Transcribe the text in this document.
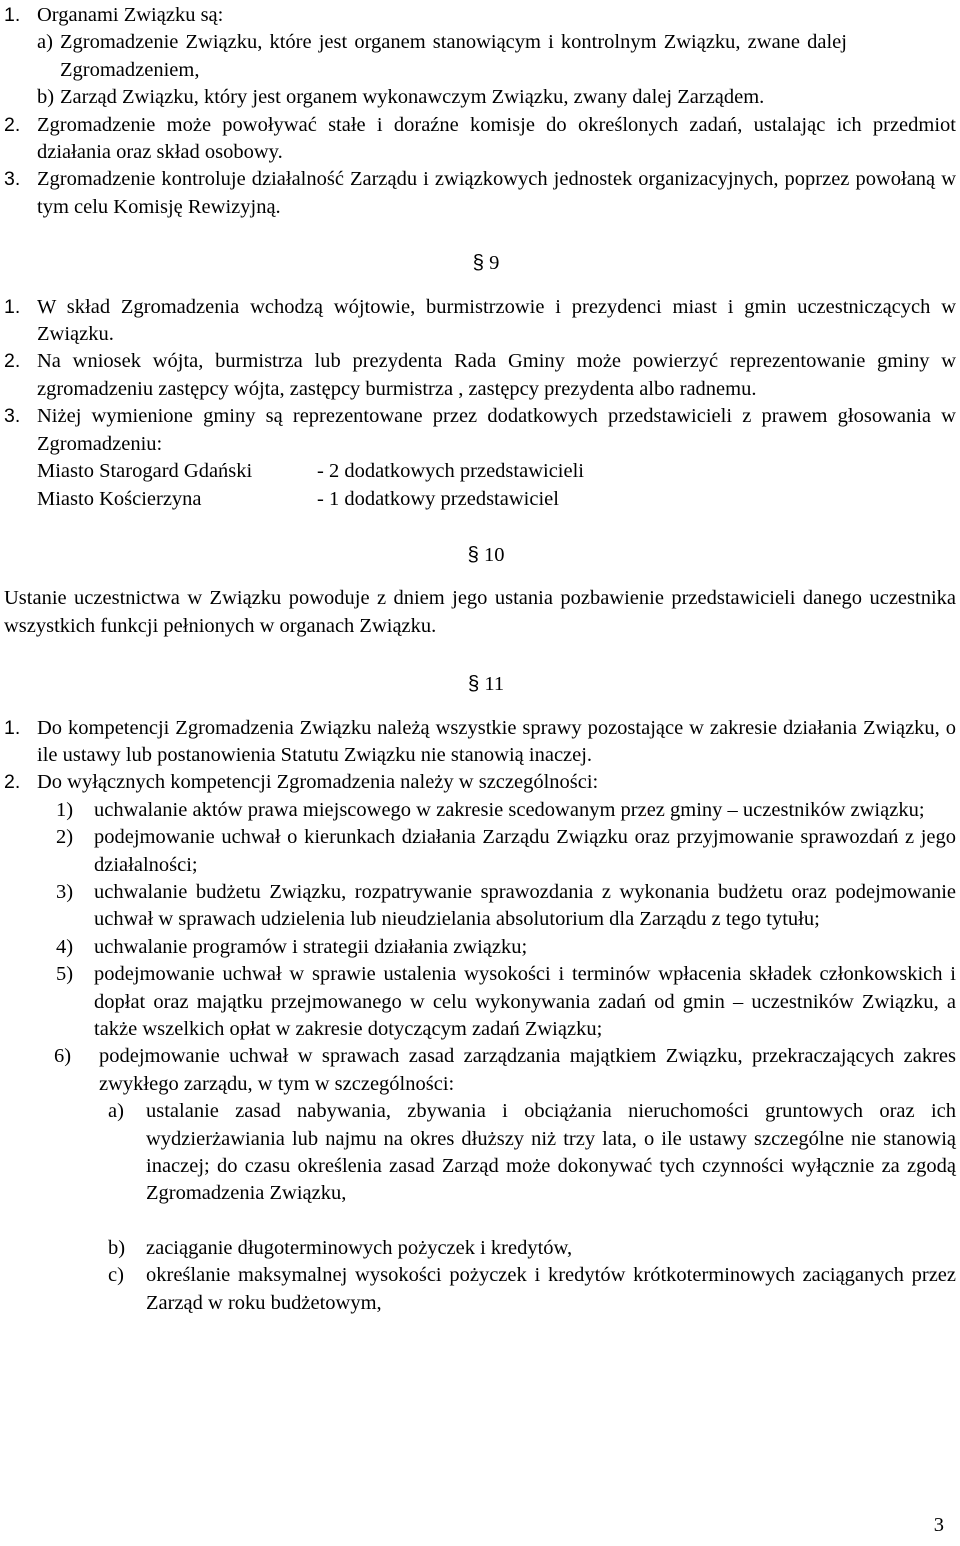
1. Organami Związku są:
a) Zgromadzenie Związku, które jest organem stanowiącym i kontrolnym Związku, zwane dalej Zgromadzeniem,
b) Zarząd Związku, który jest organem wykonawczym Związku, zwany dalej Zarządem.
2. Zgromadzenie może powoływać stałe i doraźne komisje do określonych zadań, ustalając ich przedmiot działania oraz skład osobowy.
3. Zgromadzenie kontroluje działalność Zarządu i związkowych jednostek organizacyjnych, poprzez powołaną w tym celu Komisję Rewizyjną.

§ 9

1. W skład Zgromadzenia wchodzą wójtowie, burmistrzowie i prezydenci miast i gmin uczestniczących w Związku.
2. Na wniosek wójta, burmistrza lub prezydenta Rada Gminy może powierzyć reprezentowanie gminy w zgromadzeniu zastępcy wójta, zastępcy burmistrza , zastępcy prezydenta albo radnemu.
3. Niżej wymienione gminy są reprezentowane przez dodatkowych przedstawicieli z prawem głosowania w Zgromadzeniu:
Miasto Starogard Gdański	- 2 dodatkowych przedstawicieli
Miasto Kościerzyna	- 1 dodatkowy przedstawiciel

§ 10

Ustanie uczestnictwa w Związku powoduje z dniem jego ustania pozbawienie przedstawicieli danego uczestnika wszystkich funkcji pełnionych w organach Związku.

§ 11

1. Do kompetencji Zgromadzenia Związku należą wszystkie sprawy pozostające w zakresie działania Związku, o ile ustawy lub postanowienia Statutu Związku nie stanowią inaczej.
2. Do wyłącznych kompetencji Zgromadzenia należy w szczególności:
1)	uchwalanie aktów prawa miejscowego w zakresie scedowanym przez gminy – uczestników związku;
2)	podejmowanie uchwał o kierunkach działania Zarządu Związku oraz przyjmowanie sprawozdań z jego działalności;
3)	uchwalanie budżetu Związku, rozpatrywanie sprawozdania z wykonania budżetu oraz podejmowanie uchwał w sprawach udzielenia lub nieudzielania absolutorium dla Zarządu z tego tytułu;
4)	uchwalanie programów i strategii działania związku;
5)	podejmowanie uchwał w sprawie ustalenia wysokości i terminów wpłacenia składek członkowskich i dopłat oraz majątku przejmowanego w celu wykonywania zadań od gmin – uczestników Związku, a także wszelkich opłat w zakresie dotyczącym zadań Związku;
6)	podejmowanie uchwał w sprawach zasad zarządzania majątkiem Związku, przekraczających zakres zwykłego zarządu, w tym w szczególności:
a)	ustalanie zasad nabywania, zbywania i obciążania nieruchomości gruntowych oraz ich wydzierżawiania lub najmu na okres dłuższy niż trzy lata, o ile ustawy szczególne nie stanowią inaczej; do czasu określenia zasad Zarząd może dokonywać tych czynności wyłącznie za zgodą Zgromadzenia Związku,
b)	zaciąganie długoterminowych pożyczek i kredytów,
c)	określanie maksymalnej wysokości pożyczek i kredytów krótkoterminowych zaciąganych przez Zarząd w roku budżetowym,
3
